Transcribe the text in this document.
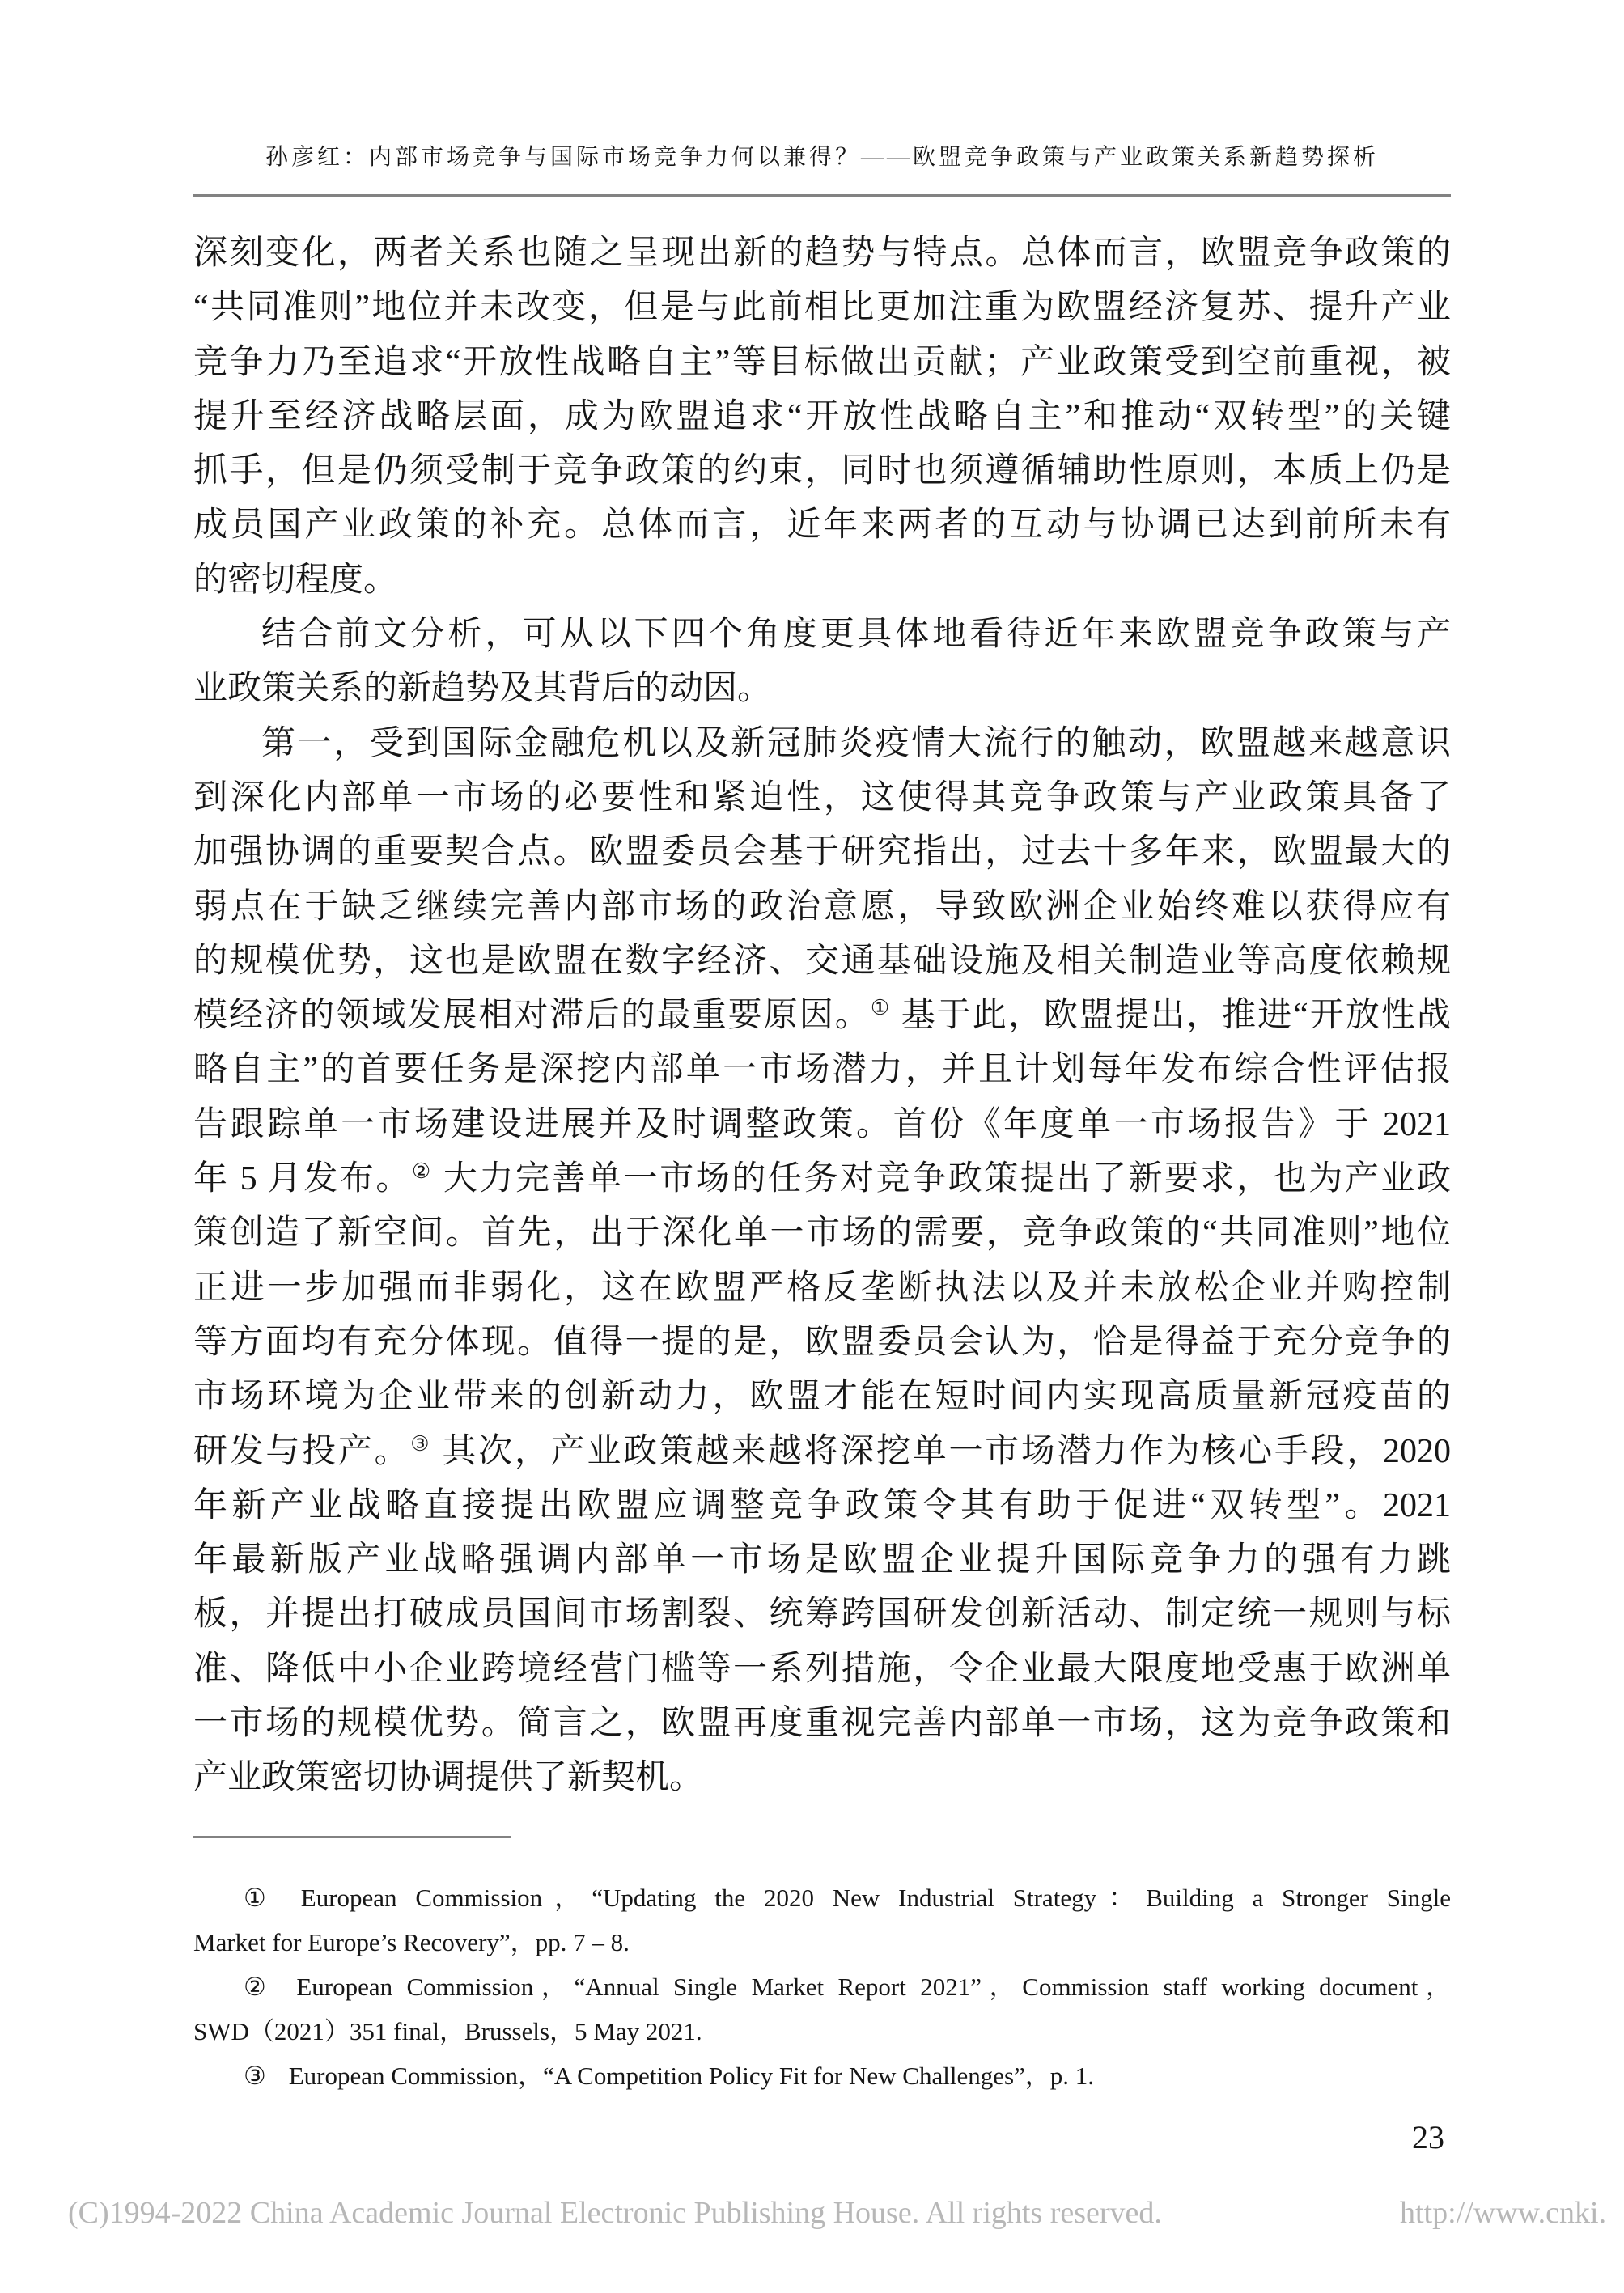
孙彦红：内部市场竞争与国际市场竞争力何以兼得？——欧盟竞争政策与产业政策关系新趋势探析
深刻变化，两者关系也随之呈现出新的趋势与特点。总体而言，欧盟竞争政策的
“共同准则”地位并未改变，但是与此前相比更加注重为欧盟经济复苏、提升产业
竞争力乃至追求“开放性战略自主”等目标做出贡献；产业政策受到空前重视，被
提升至经济战略层面，成为欧盟追求“开放性战略自主”和推动“双转型”的关键
抓手，但是仍须受制于竞争政策的约束，同时也须遵循辅助性原则，本质上仍是
成员国产业政策的补充。总体而言，近年来两者的互动与协调已达到前所未有
的密切程度。
结合前文分析，可从以下四个角度更具体地看待近年来欧盟竞争政策与产
业政策关系的新趋势及其背后的动因。
第一，受到国际金融危机以及新冠肺炎疫情大流行的触动，欧盟越来越意识
到深化内部单一市场的必要性和紧迫性，这使得其竞争政策与产业政策具备了
加强协调的重要契合点。欧盟委员会基于研究指出，过去十多年来，欧盟最大的
弱点在于缺乏继续完善内部市场的政治意愿，导致欧洲企业始终难以获得应有
的规模优势，这也是欧盟在数字经济、交通基础设施及相关制造业等高度依赖规
模经济的领域发展相对滞后的最重要原因。① 基于此，欧盟提出，推进“开放性战
略自主”的首要任务是深挖内部单一市场潜力，并且计划每年发布综合性评估报
告跟踪单一市场建设进展并及时调整政策。首份《年度单一市场报告》于 2021
年 5 月发布。② 大力完善单一市场的任务对竞争政策提出了新要求，也为产业政
策创造了新空间。首先，出于深化单一市场的需要，竞争政策的“共同准则”地位
正进一步加强而非弱化，这在欧盟严格反垄断执法以及并未放松企业并购控制
等方面均有充分体现。值得一提的是，欧盟委员会认为，恰是得益于充分竞争的
市场环境为企业带来的创新动力，欧盟才能在短时间内实现高质量新冠疫苗的
研发与投产。③ 其次，产业政策越来越将深挖单一市场潜力作为核心手段，2020
年新产业战略直接提出欧盟应调整竞争政策令其有助于促进“双转型”。2021
年最新版产业战略强调内部单一市场是欧盟企业提升国际竞争力的强有力跳
板，并提出打破成员国间市场割裂、统筹跨国研发创新活动、制定统一规则与标
准、降低中小企业跨境经营门槛等一系列措施，令企业最大限度地受惠于欧洲单
一市场的规模优势。简言之，欧盟再度重视完善内部单一市场，这为竞争政策和
产业政策密切协调提供了新契机。
① European Commission，“Updating the 2020 New Industrial Strategy：Building a Stronger Single
Market for Europe’s Recovery”，pp. 7 – 8.
② European Commission，“Annual Single Market Report 2021”，Commission staff working document，
SWD（2021）351 final，Brussels，5 May 2021.
③ European Commission，“A Competition Policy Fit for New Challenges”，p. 1.
23
(C)1994-2022 China Academic Journal Electronic Publishing House. All rights reserved.	http://www.cnki.
